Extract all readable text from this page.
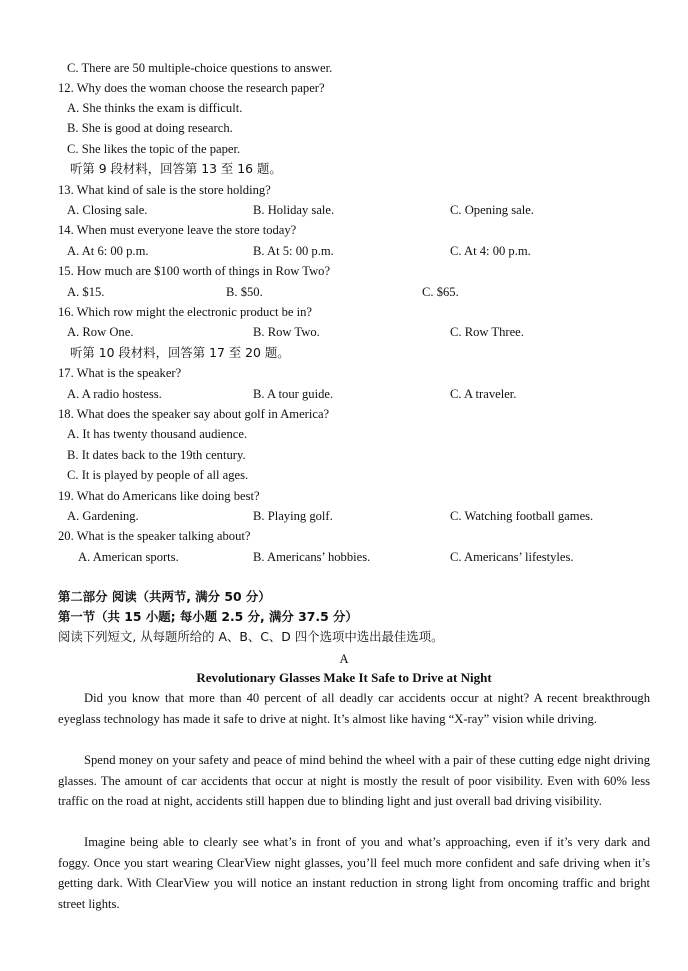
C. There are 50 multiple-choice questions to answer.
12. Why does the woman choose the research paper?
A. She thinks the exam is difficult.
B. She is good at doing research.
C. She likes the topic of the paper.
听第 9 段材料，回答第 13 至 16 题。
13. What kind of sale is the store holding?
A. Closing sale.	B. Holiday sale.	C. Opening sale.
14. When must everyone leave the store today?
A. At 6: 00 p.m.	B. At 5: 00 p.m.	C. At 4: 00 p.m.
15. How much are $100 worth of things in Row Two?
A. $15.	B. $50.	C. $65.
16. Which row might the electronic product be in?
A. Row One.	B. Row Two.	C. Row Three.
听第 10 段材料，回答第 17 至 20 题。
17. What is the speaker?
A. A radio hostess.	B. A tour guide.	C. A traveler.
18. What does the speaker say about golf in America?
A. It has twenty thousand audience.
B. It dates back to the 19th century.
C. It is played by people of all ages.
19. What do Americans like doing best?
A. Gardening.	B. Playing golf.	C. Watching football games.
20. What is the speaker talking about?
A. American sports.	B. Americans’ hobbies.	C. Americans’ lifestyles.
第二部分 阅读（共两节, 满分 50 分）
第一节（共 15 小题; 每小题 2.5 分, 满分 37.5 分）
阅读下列短文, 从每题所给的 A、B、C、D 四个选项中选出最佳选项。
A
Revolutionary Glasses Make It Safe to Drive at Night
Did you know that more than 40 percent of all deadly car accidents occur at night? A recent breakthrough eyeglass technology has made it safe to drive at night. It’s almost like having “X-ray” vision while driving.
Spend money on your safety and peace of mind behind the wheel with a pair of these cutting edge night driving glasses. The amount of car accidents that occur at night is mostly the result of poor visibility. Even with 60% less traffic on the road at night, accidents still happen due to blinding light and just overall bad driving visibility.
Imagine being able to clearly see what’s in front of you and what’s approaching, even if it’s very dark and foggy. Once you start wearing ClearView night glasses, you’ll feel much more confident and safe driving when it’s getting dark. With ClearView you will notice an instant reduction in strong light from oncoming traffic and bright street lights.
